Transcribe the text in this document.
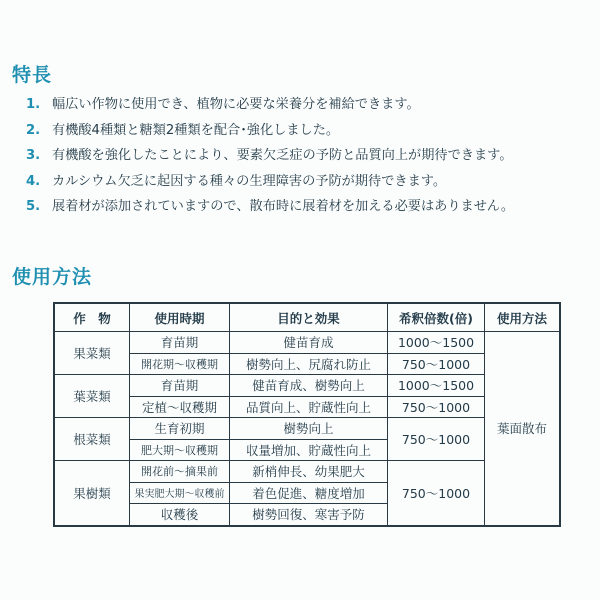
特長
1. 幅広い作物に使用でき、植物に必要な栄養分を補給できます。
2. 有機酸4種類と糖類2種類を配合･強化しました。
3. 有機酸を強化したことにより、要素欠乏症の予防と品質向上が期待できます。
4. カルシウム欠乏に起因する種々の生理障害の予防が期待できます。
5. 展着材が添加されていますので、散布時に展着材を加える必要はありません。
使用方法
作　物	使用時期	目的と効果	希釈倍数(倍)	使用方法
果菜類	育苗期	健苗育成	1000～1500	葉面散布
	開花期～収穫期	樹勢向上、尻腐れ防止	750～1000	
葉菜類	育苗期	健苗育成、樹勢向上	1000～1500	
	定植～収穫期	品質向上、貯蔵性向上	750～1000	
根菜類	生育初期	樹勢向上	750～1000	
	肥大期～収穫期	収量増加、貯蔵性向上		
果樹類	開花前～摘果前	新梢伸長、幼果肥大	750～1000	
	果実肥大期～収穫前	着色促進、糖度増加		
	収穫後	樹勢回復、寒害予防		
